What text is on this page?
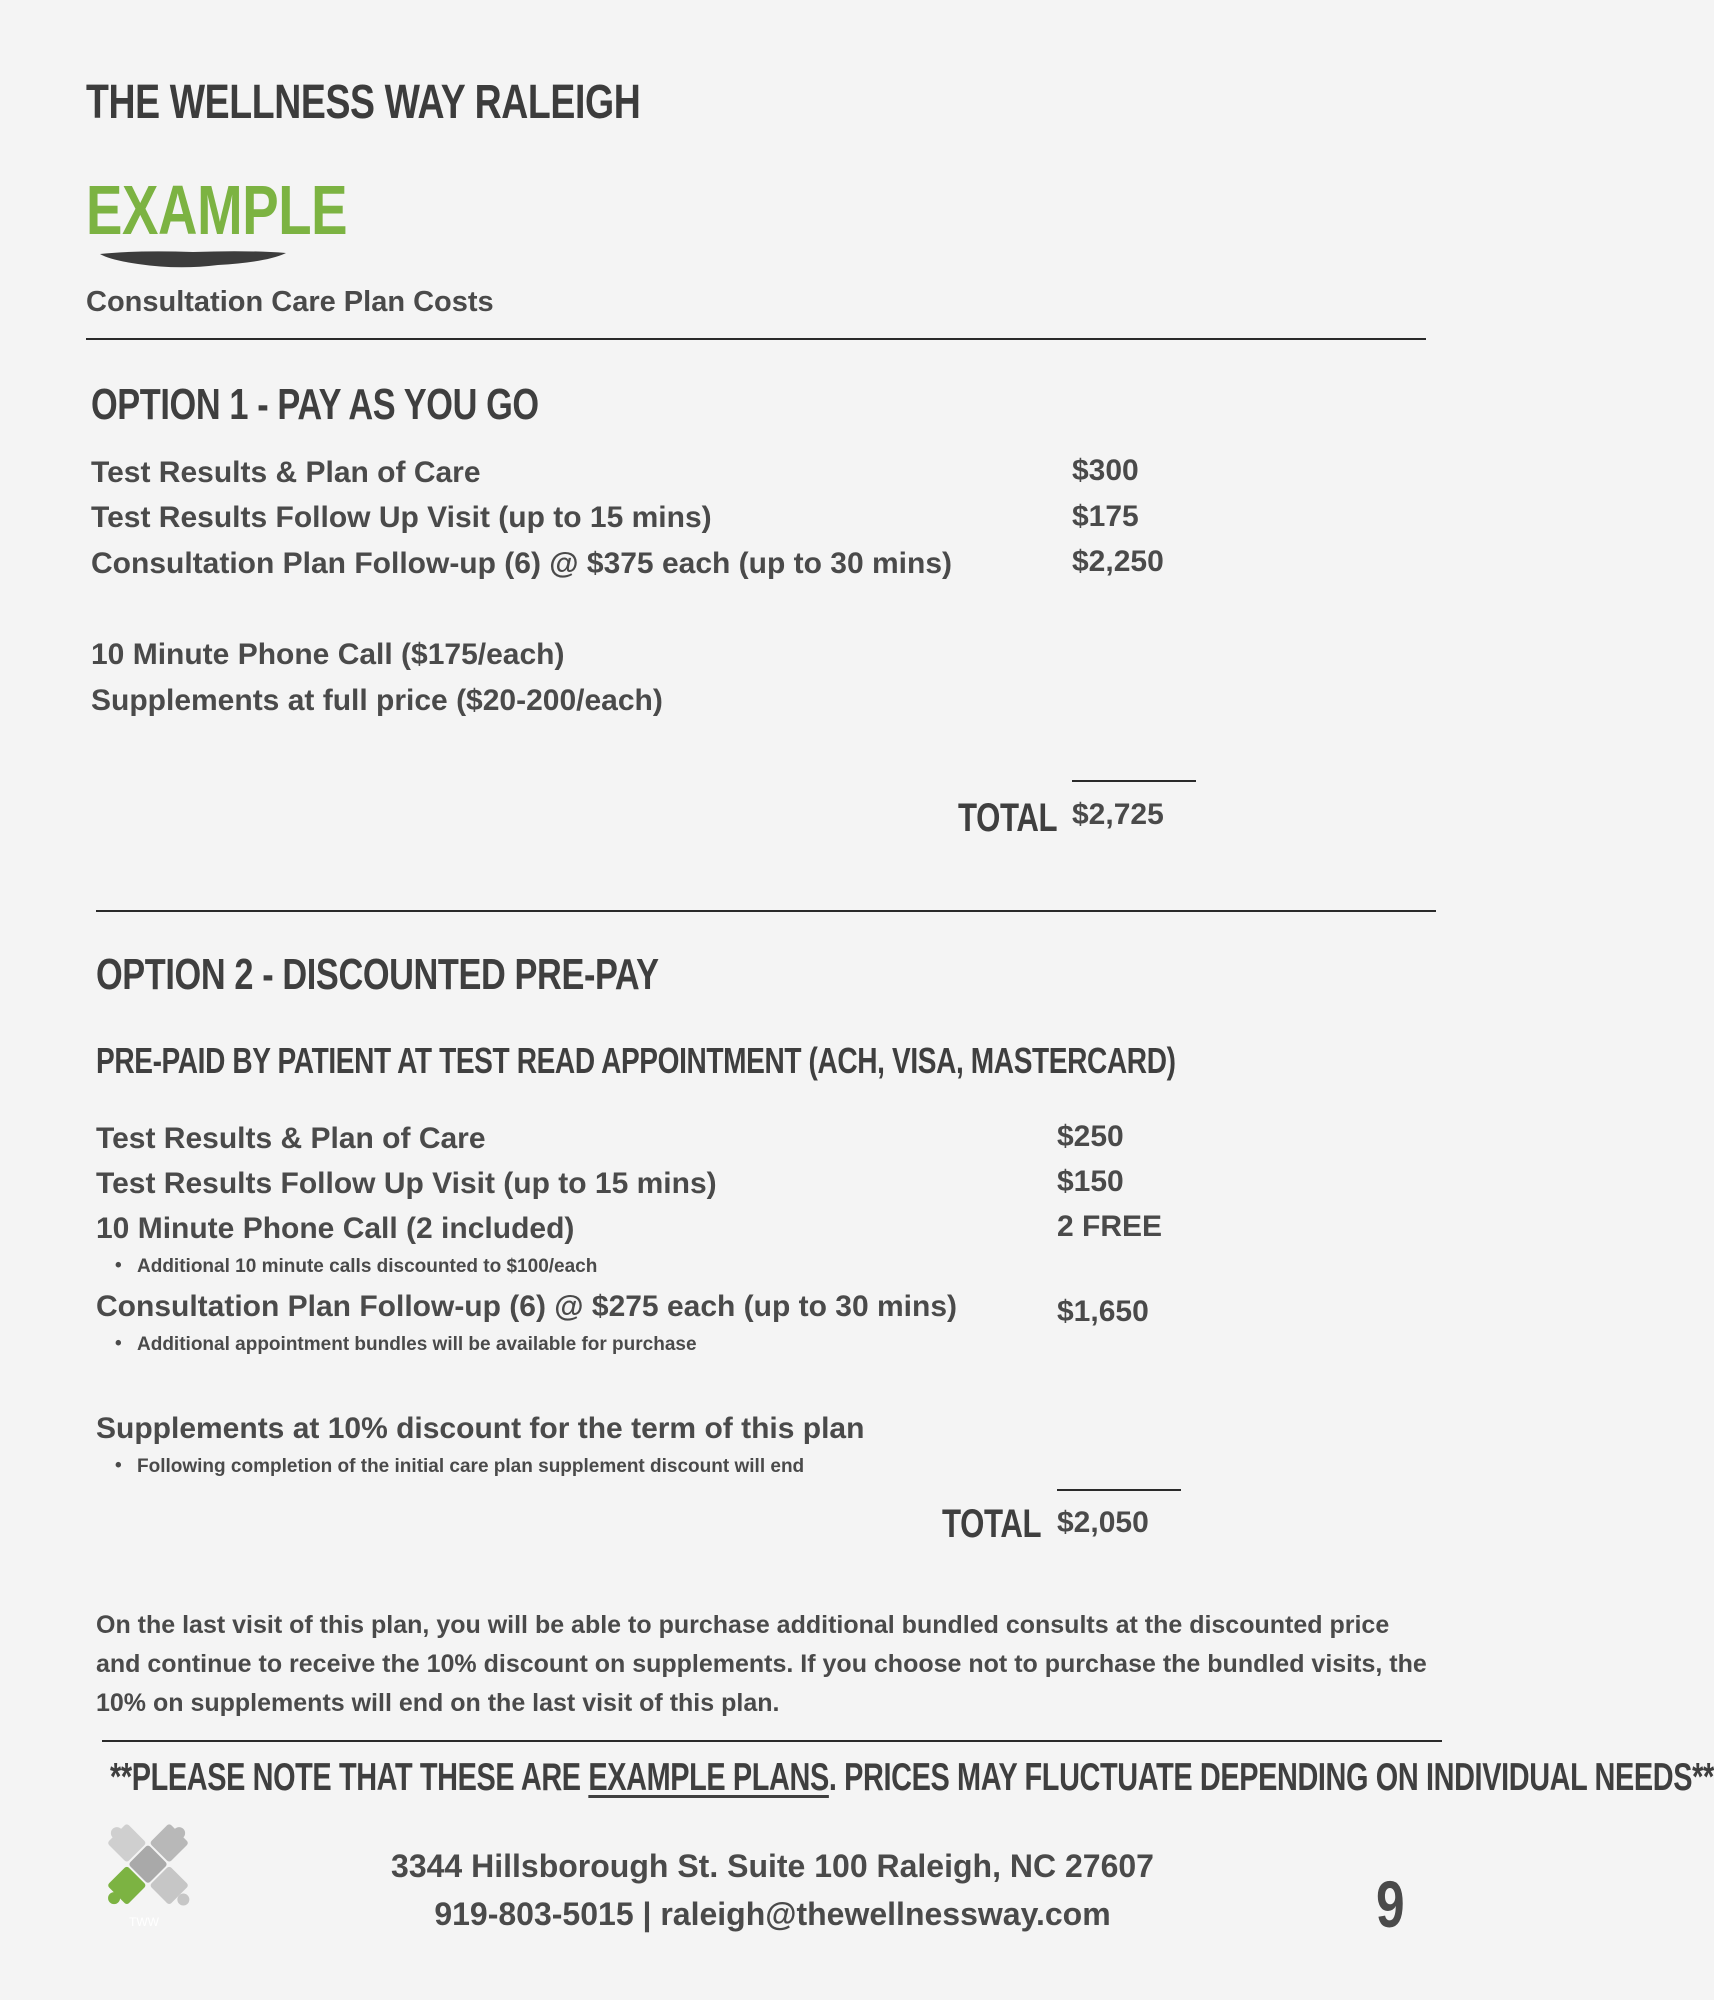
THE WELLNESS WAY RALEIGH
EXAMPLE
Consultation Care Plan Costs
OPTION 1 - PAY AS YOU GO
Test Results & Plan of Care	$300
Test Results Follow Up Visit (up to 15 mins)	$175
Consultation Plan Follow-up (6) @ $375 each (up to 30 mins)	$2,250
10 Minute Phone Call ($175/each)
Supplements at full price ($20-200/each)
TOTAL $2,725
OPTION 2 - DISCOUNTED PRE-PAY
PRE-PAID BY PATIENT AT TEST READ APPOINTMENT (ACH, VISA, MASTERCARD)
Test Results & Plan of Care	$250
Test Results Follow Up Visit (up to 15 mins)	$150
10 Minute Phone Call (2 included)	2 FREE
• Additional 10 minute calls discounted to $100/each
Consultation Plan Follow-up (6) @ $275 each (up to 30 mins)	$1,650
• Additional appointment bundles will be available for purchase
Supplements at 10% discount for the term of this plan
• Following completion of the initial care plan supplement discount will end
TOTAL $2,050
On the last visit of this plan, you will be able to purchase additional bundled consults at the discounted price and continue to receive the 10% discount on supplements. If you choose not to purchase the bundled visits, the 10% on supplements will end on the last visit of this plan.
**PLEASE NOTE THAT THESE ARE EXAMPLE PLANS. PRICES MAY FLUCTUATE DEPENDING ON INDIVIDUAL NEEDS**
TWW
3344 Hillsborough St. Suite 100 Raleigh, NC 27607
919-803-5015 | raleigh@thewellnessway.com	9
